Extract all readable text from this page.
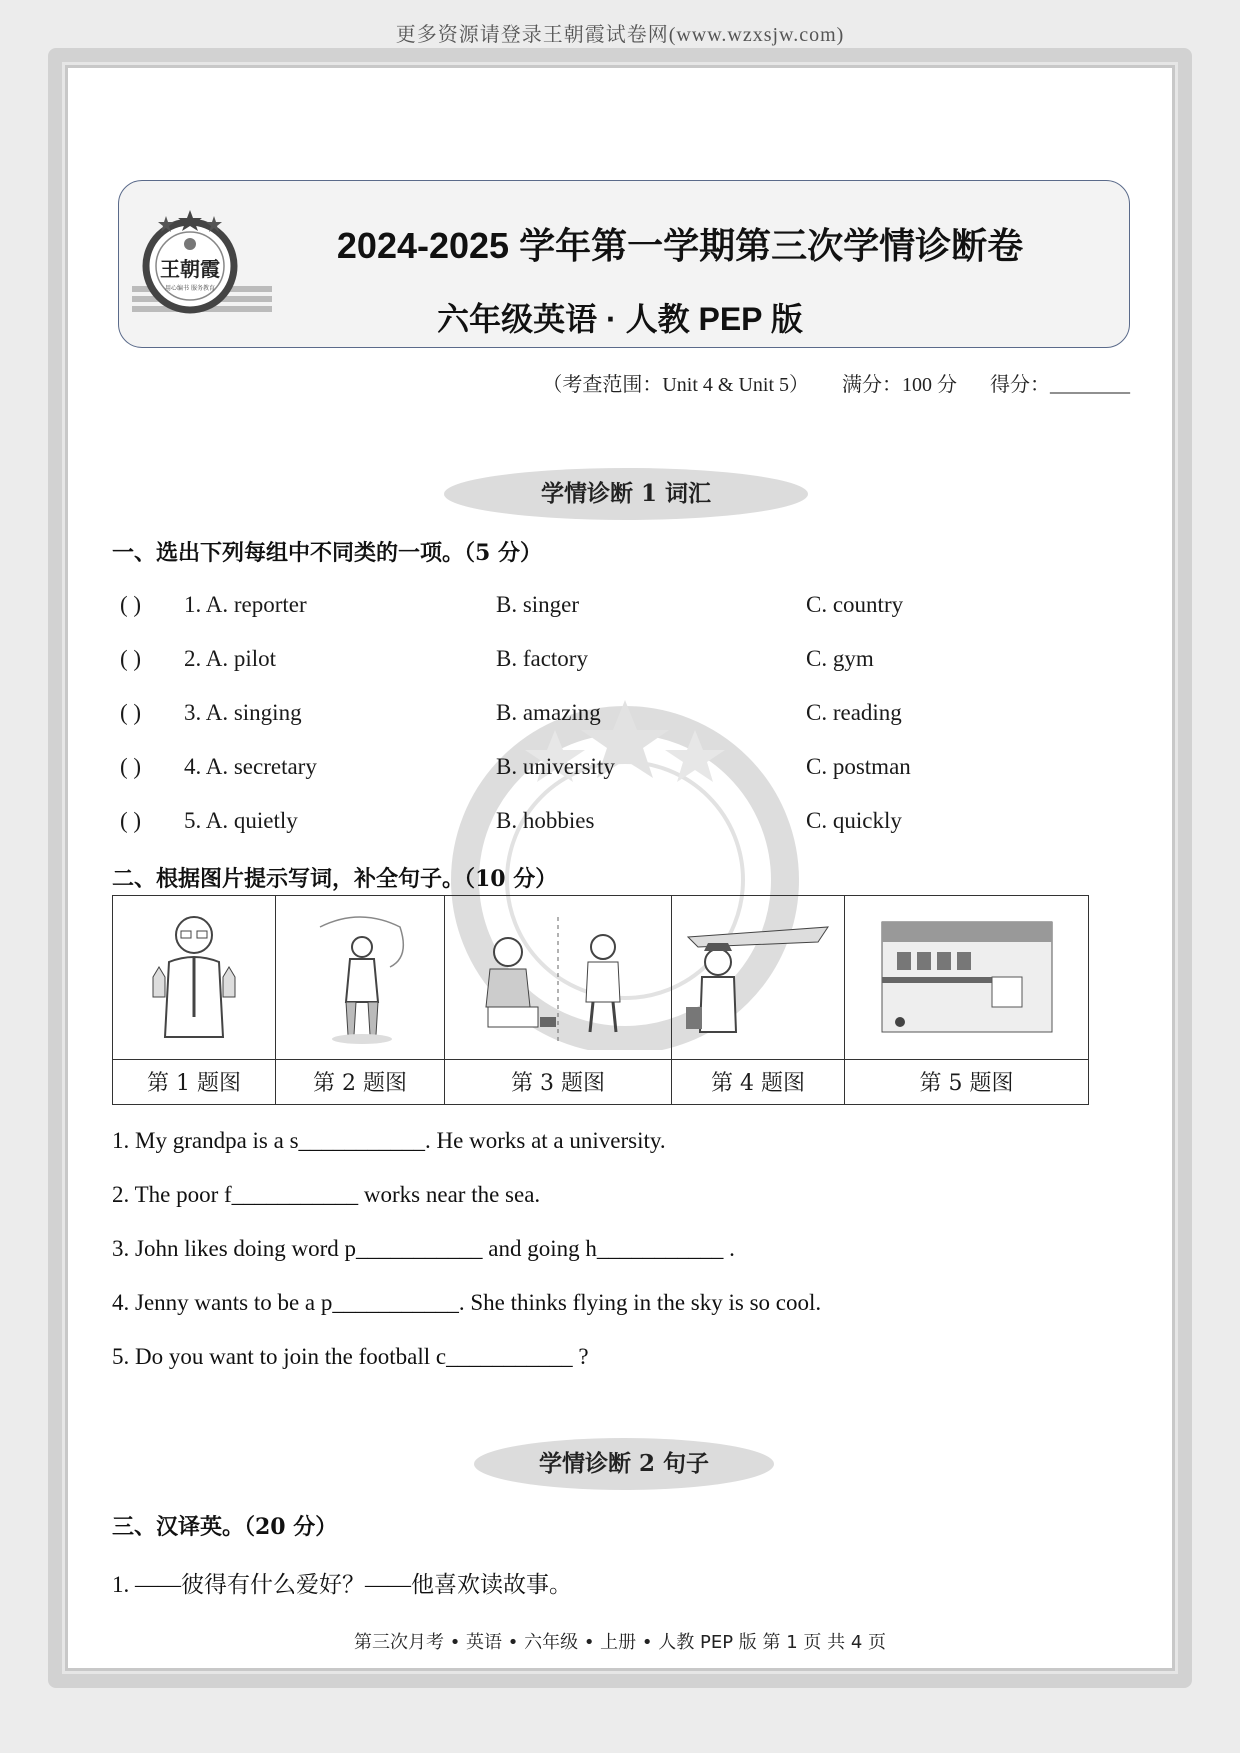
更多资源请登录王朝霞试卷网(www.wzxsjw.com)
王朝霞
用心编书 服务教育
2024-2025 学年第一学期第三次学情诊断卷
六年级英语 · 人教 PEP 版
（考查范围：Unit 4 & Unit 5） 满分：100 分 得分：________
学情诊断 1 词汇
一、选出下列每组中不同类的一项。（5 分）
( ) 1. A. reporter	B. singer	C. country
( ) 2. A. pilot	B. factory	C. gym
( ) 3. A. singing	B. amazing	C. reading
( ) 4. A. secretary	B. university	C. postman
( ) 5. A. quietly	B. hobbies	C. quickly
二、根据图片提示写词，补全句子。（10 分）

第 1 题图	第 2 题图	第 3 题图	第 4 题图	第 5 题图
1. My grandpa is a s___________. He works at a university.
2. The poor f___________ works near the sea.
3. John likes doing word p___________ and going h___________ .
4. Jenny wants to be a p___________. She thinks flying in the sky is so cool.
5. Do you want to join the football c___________ ?
学情诊断 2 句子
三、汉译英。（20 分）
1. ——彼得有什么爱好？——他喜欢读故事。
第三次月考 • 英语 • 六年级 • 上册 • 人教 PEP 版 第 1 页 共 4 页
